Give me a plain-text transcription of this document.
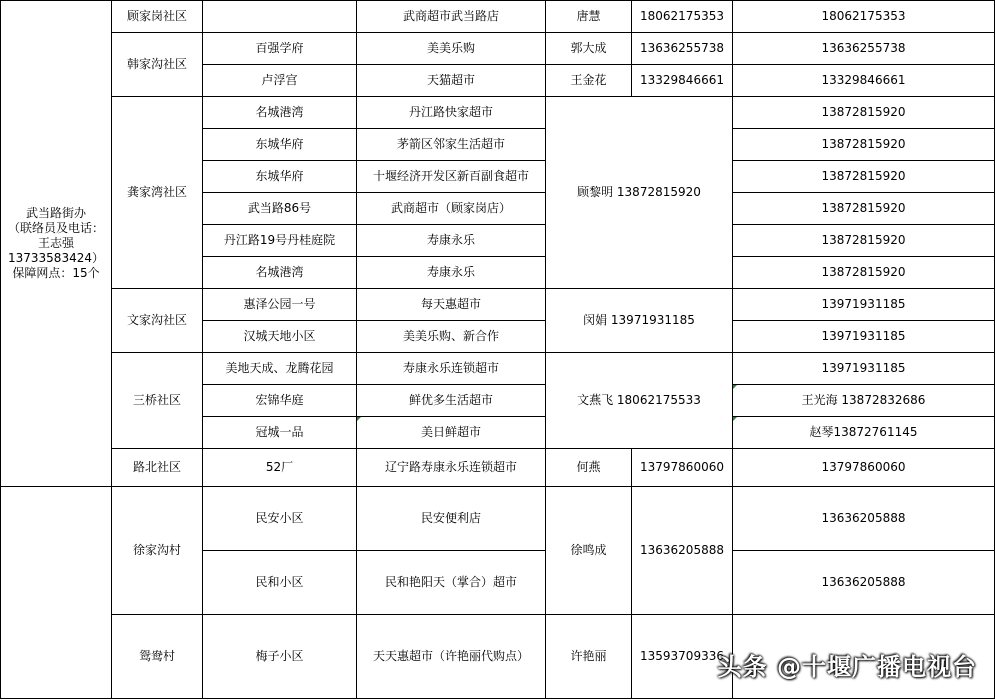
武当路街办
（联络员及电话：
王志强
13733583424）
保障网点：15个	顾家岗社区		武商超市武当路店	唐慧	18062175353	18062175353
	韩家沟社区	百强学府	美美乐购	郭大成	13636255738	13636255738
		卢浮宫	天猫超市	王金花	13329846661	13329846661
	龚家湾社区	名城港湾	丹江路快家超市	顾黎明 13872815920		13872815920
		东城华府	茅箭区邻家生活超市			13872815920
		东城华府	十堰经济开发区新百副食超市			13872815920
		武当路86号	武商超市（顾家岗店）			13872815920
		丹江路19号丹桂庭院	寿康永乐			13872815920
		名城港湾	寿康永乐			13872815920
	文家沟社区	惠泽公园一号	每天惠超市	闵娟 13971931185		13971931185
		汉城天地小区	美美乐购、新合作			13971931185
	三桥社区	美地天成、龙腾花园	寿康永乐连锁超市	文燕飞 18062175533		13971931185
		宏锦华庭	鲜优多生活超市			王光海 13872832686
		冠城一品	美日鲜超市			赵琴13872761145
	路北社区	52厂	辽宁路寿康永乐连锁超市	何燕	13797860060	13797860060
	徐家沟村	民安小区	民安便利店	徐鸣成	13636205888	13636205888
		民和小区	民和艳阳天（掌合）超市			13636205888
	鸳鸯村	梅子小区	天天惠超市（许艳丽代购点）	许艳丽	13593709336	
头条 @十堰广播电视台
